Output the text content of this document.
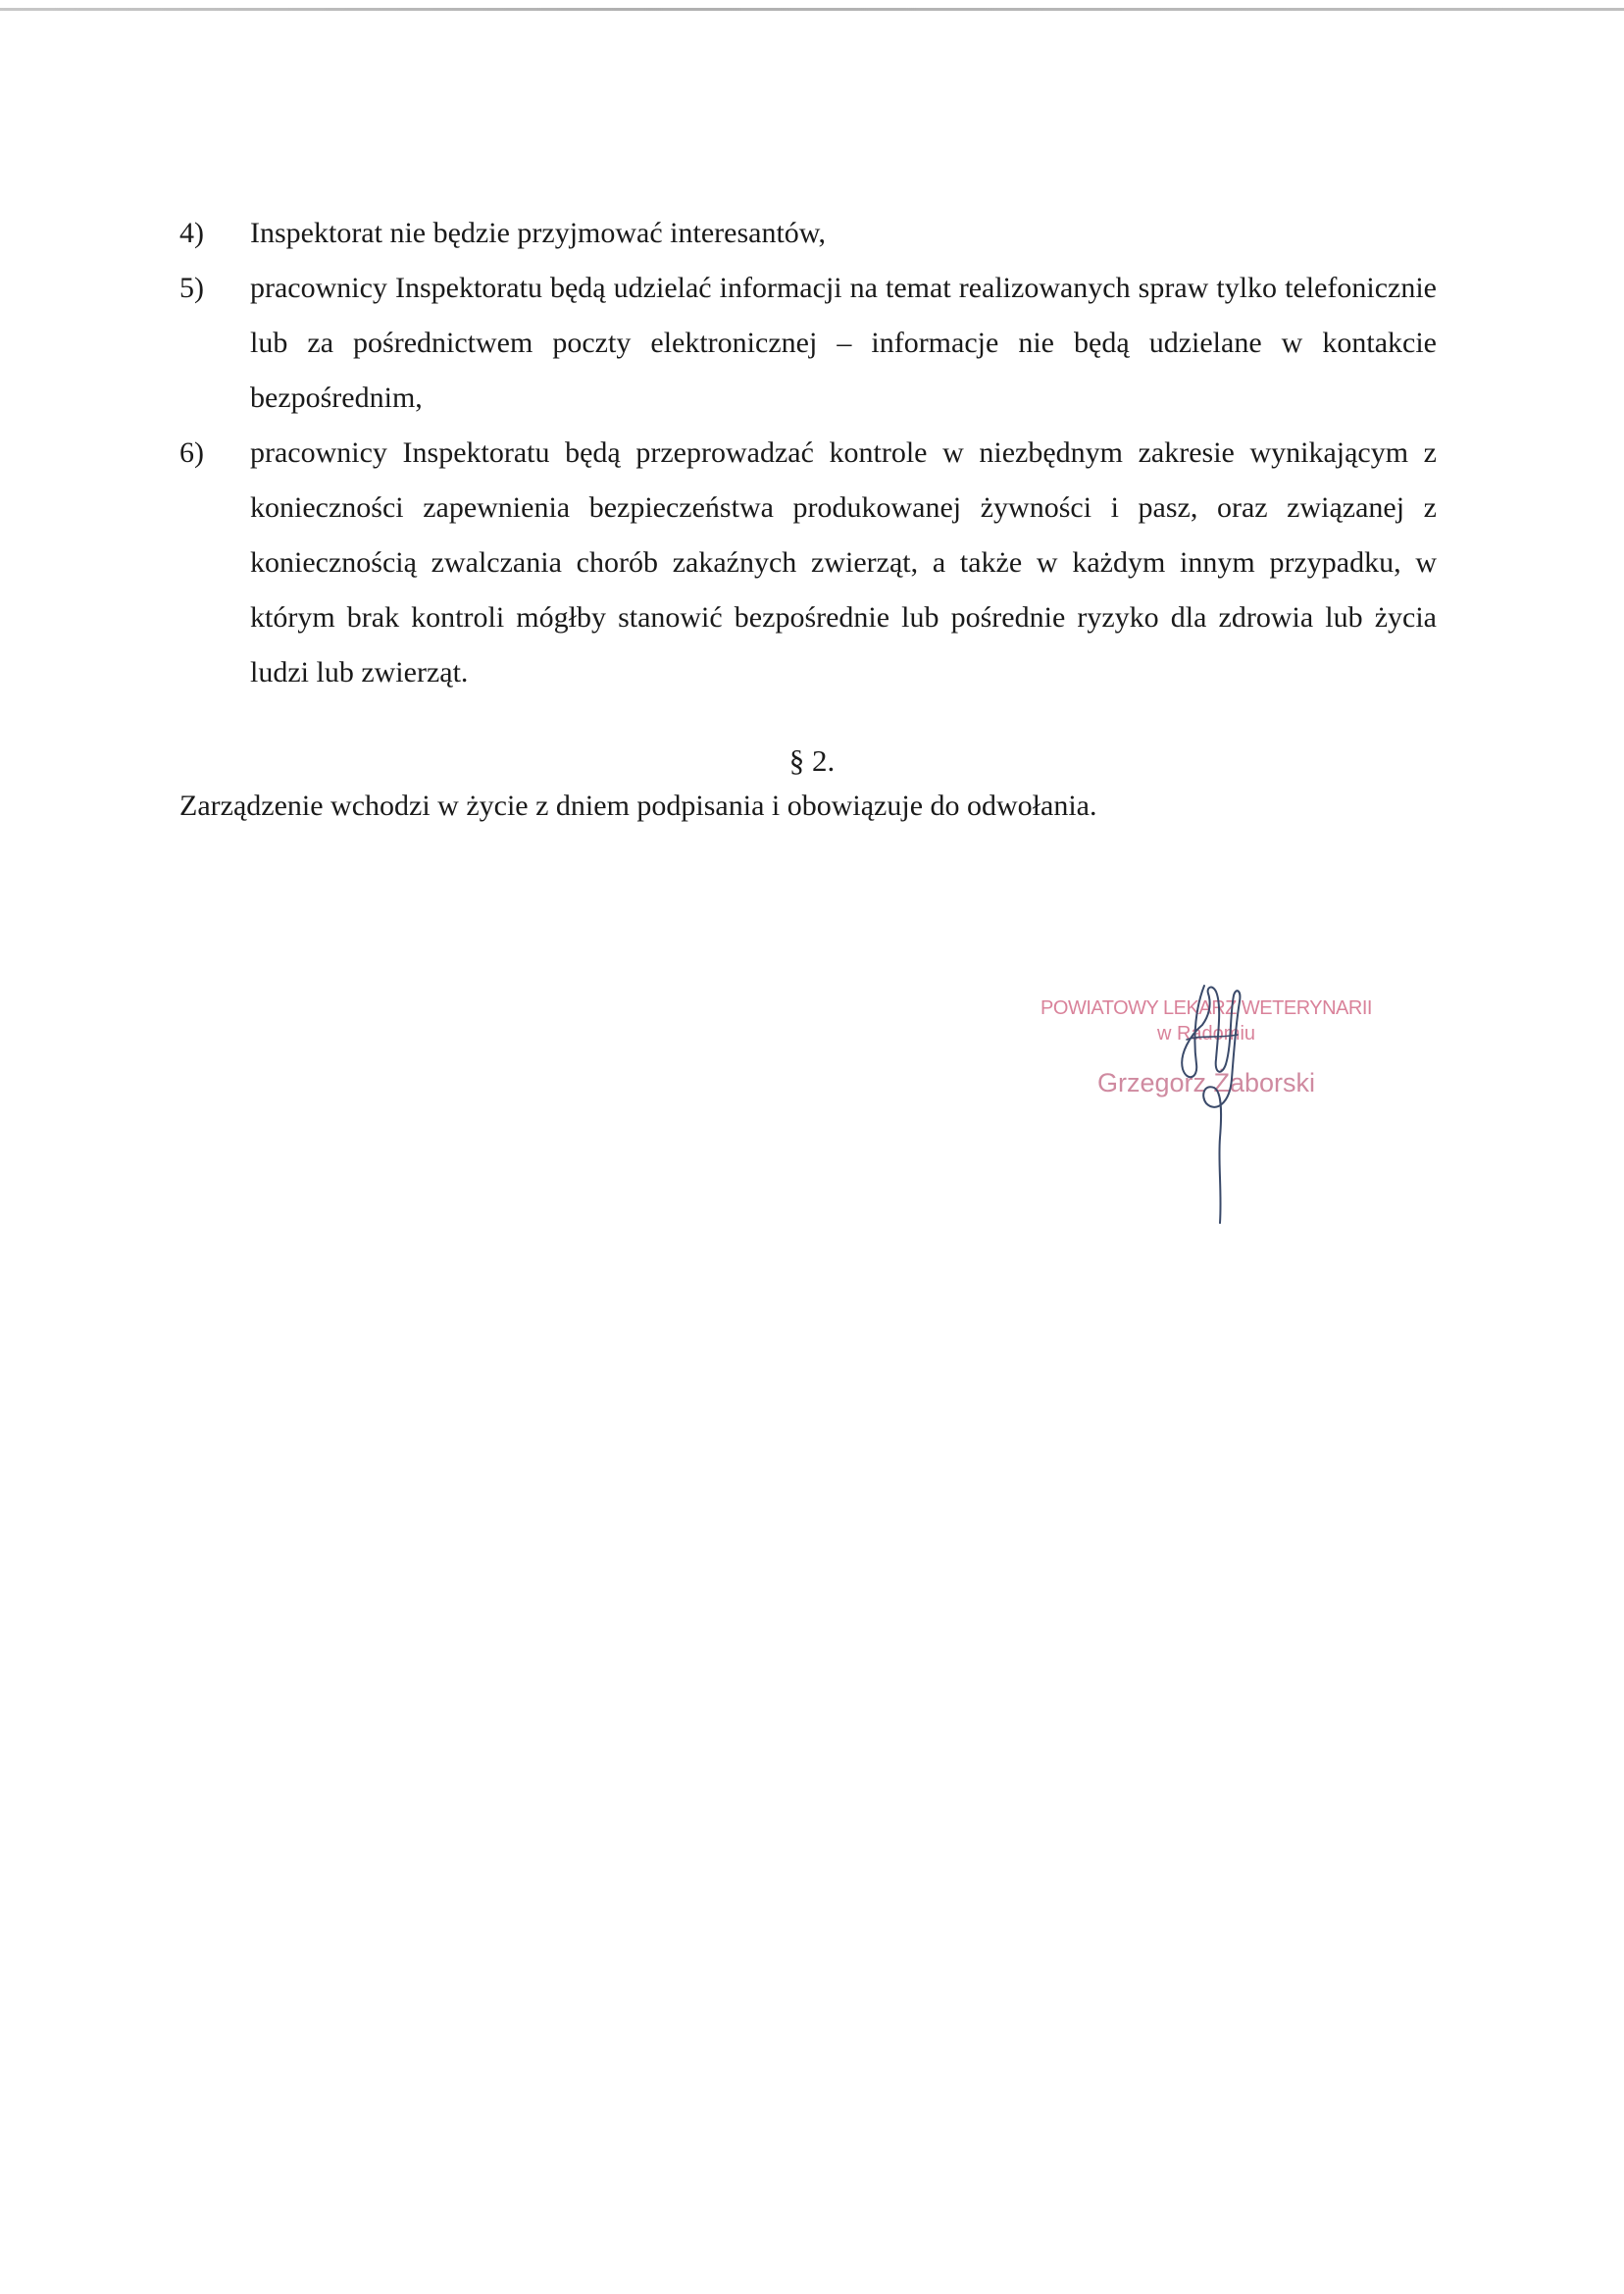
4)	Inspektorat nie będzie przyjmować interesantów,
5)	pracownicy Inspektoratu będą udzielać informacji na temat realizowanych spraw tylko telefonicznie lub za pośrednictwem poczty elektronicznej – informacje nie będą udzielane w kontakcie bezpośrednim,
6)	pracownicy Inspektoratu będą przeprowadzać kontrole w niezbędnym zakresie wynikającym z konieczności zapewnienia bezpieczeństwa produkowanej żywności i pasz, oraz związanej z koniecznością zwalczania chorób zakaźnych zwierząt, a także w każdym innym przypadku, w którym brak kontroli mógłby stanowić bezpośrednie lub pośrednie ryzyko dla zdrowia lub życia ludzi lub zwierząt.
§ 2.
Zarządzenie wchodzi w życie z dniem podpisania i obowiązuje do odwołania.
POWIATOWY LEKARZ WETERYNARII
w Radomiu
Grzegorz Żaborski
